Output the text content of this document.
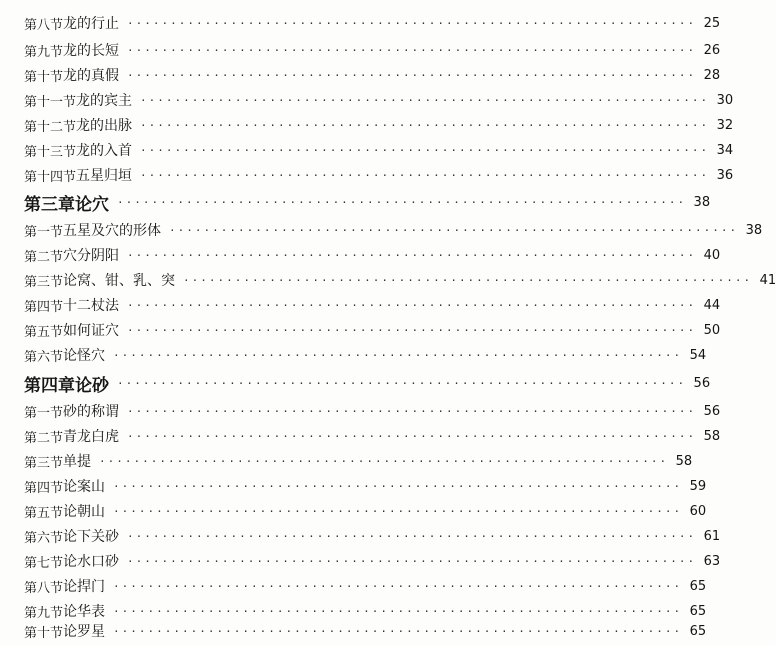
第八节 龙的行止 ·································································· 25
第九节 龙的长短 ·································································· 26
第十节 龙的真假 ·································································· 28
第十一节 龙的宾主 ·································································· 30
第十二节 龙的出脉 ·································································· 32
第十三节 龙的入首 ·································································· 34
第十四节 五星归垣 ·································································· 36
第三章 论穴 ·································································· 38
第一节 五星及穴的形体 ·································································· 38
第二节 穴分阴阳 ·································································· 40
第三节 论窝、钳、乳、突 ·································································· 41
第四节 十二杖法 ·································································· 44
第五节 如何证穴 ·································································· 50
第六节 论怪穴 ·································································· 54
第四章 论砂 ·································································· 56
第一节 砂的称谓 ·································································· 56
第二节 青龙白虎 ·································································· 58
第三节 单提 ·································································· 58
第四节 论案山 ·································································· 59
第五节 论朝山 ·································································· 60
第六节 论下关砂 ·································································· 61
第七节 论水口砂 ·································································· 63
第八节 论捍门 ·································································· 65
第九节 论华表 ·································································· 65
第十节 论罗星 ·································································· 65
